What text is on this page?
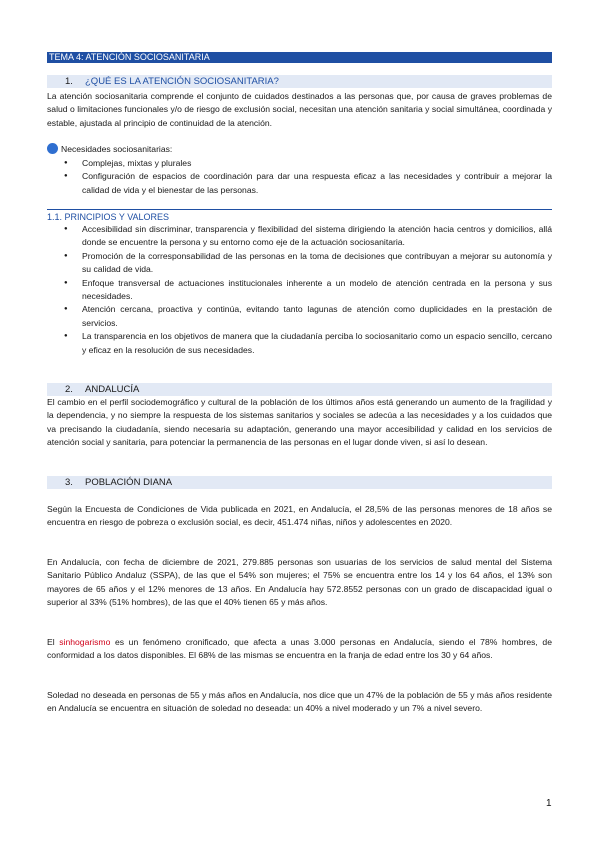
TEMA 4: ATENCIÓN SOCIOSANITARIA
1. ¿QUÉ ES LA ATENCIÓN SOCIOSANITARIA?
La atención sociosanitaria comprende el conjunto de cuidados destinados a las personas que, por causa de graves problemas de salud o limitaciones funcionales y/o de riesgo de exclusión social, necesitan una atención sanitaria y social simultánea, coordinada y estable, ajustada al principio de continuidad de la atención.
Necesidades sociosanitarias:
● Complejas, mixtas y plurales
● Configuración de espacios de coordinación para dar una respuesta eficaz a las necesidades y contribuir a mejorar la calidad de vida y el bienestar de las personas.
1.1. PRINCIPIOS Y VALORES
● Accesibilidad sin discriminar, transparencia y flexibilidad del sistema dirigiendo la atención hacia centros y domicilios, allá donde se encuentre la persona y su entorno como eje de la actuación sociosanitaria.
● Promoción de la corresponsabilidad de las personas en la toma de decisiones que contribuyan a mejorar su autonomía y su calidad de vida.
● Enfoque transversal de actuaciones institucionales inherente a un modelo de atención centrada en la persona y sus necesidades.
● Atención cercana, proactiva y continúa, evitando tanto lagunas de atención como duplicidades en la prestación de servicios.
● La transparencia en los objetivos de manera que la ciudadanía perciba lo sociosanitario como un espacio sencillo, cercano y eficaz en la resolución de sus necesidades.
2. ANDALUCÍA
El cambio en el perfil sociodemográfico y cultural de la población de los últimos años está generando un aumento de la fragilidad y la dependencia, y no siempre la respuesta de los sistemas sanitarios y sociales se adecúa a las necesidades y a los cuidados que va precisando la ciudadanía, siendo necesaria su adaptación, generando una mayor accesibilidad y calidad en los servicios de atención social y sanitaria, para potenciar la permanencia de las personas en el lugar donde viven, si así lo desean.
3. POBLACIÓN DIANA
Según la Encuesta de Condiciones de Vida publicada en 2021, en Andalucía, el 28,5% de las personas menores de 18 años se encuentra en riesgo de pobreza o exclusión social, es decir, 451.474 niñas, niños y adolescentes en 2020.
En Andalucía, con fecha de diciembre de 2021, 279.885 personas son usuarias de los servicios de salud mental del Sistema Sanitario Público Andaluz (SSPA), de las que el 54% son mujeres; el 75% se encuentra entre los 14 y los 64 años, el 13% son mayores de 65 años y el 12% menores de 13 años. En Andalucía hay 572.8552 personas con un grado de discapacidad igual o superior al 33% (51% hombres), de las que el 40% tienen 65 y más años.
El sinhogarismo es un fenómeno cronificado, que afecta a unas 3.000 personas en Andalucía, siendo el 78% hombres, de conformidad a los datos disponibles. El 68% de las mismas se encuentra en la franja de edad entre los 30 y 64 años.
Soledad no deseada en personas de 55 y más años en Andalucía, nos dice que un 47% de la población de 55 y más años residente en Andalucía se encuentra en situación de soledad no deseada: un 40% a nivel moderado y un 7% a nivel severo.
1
